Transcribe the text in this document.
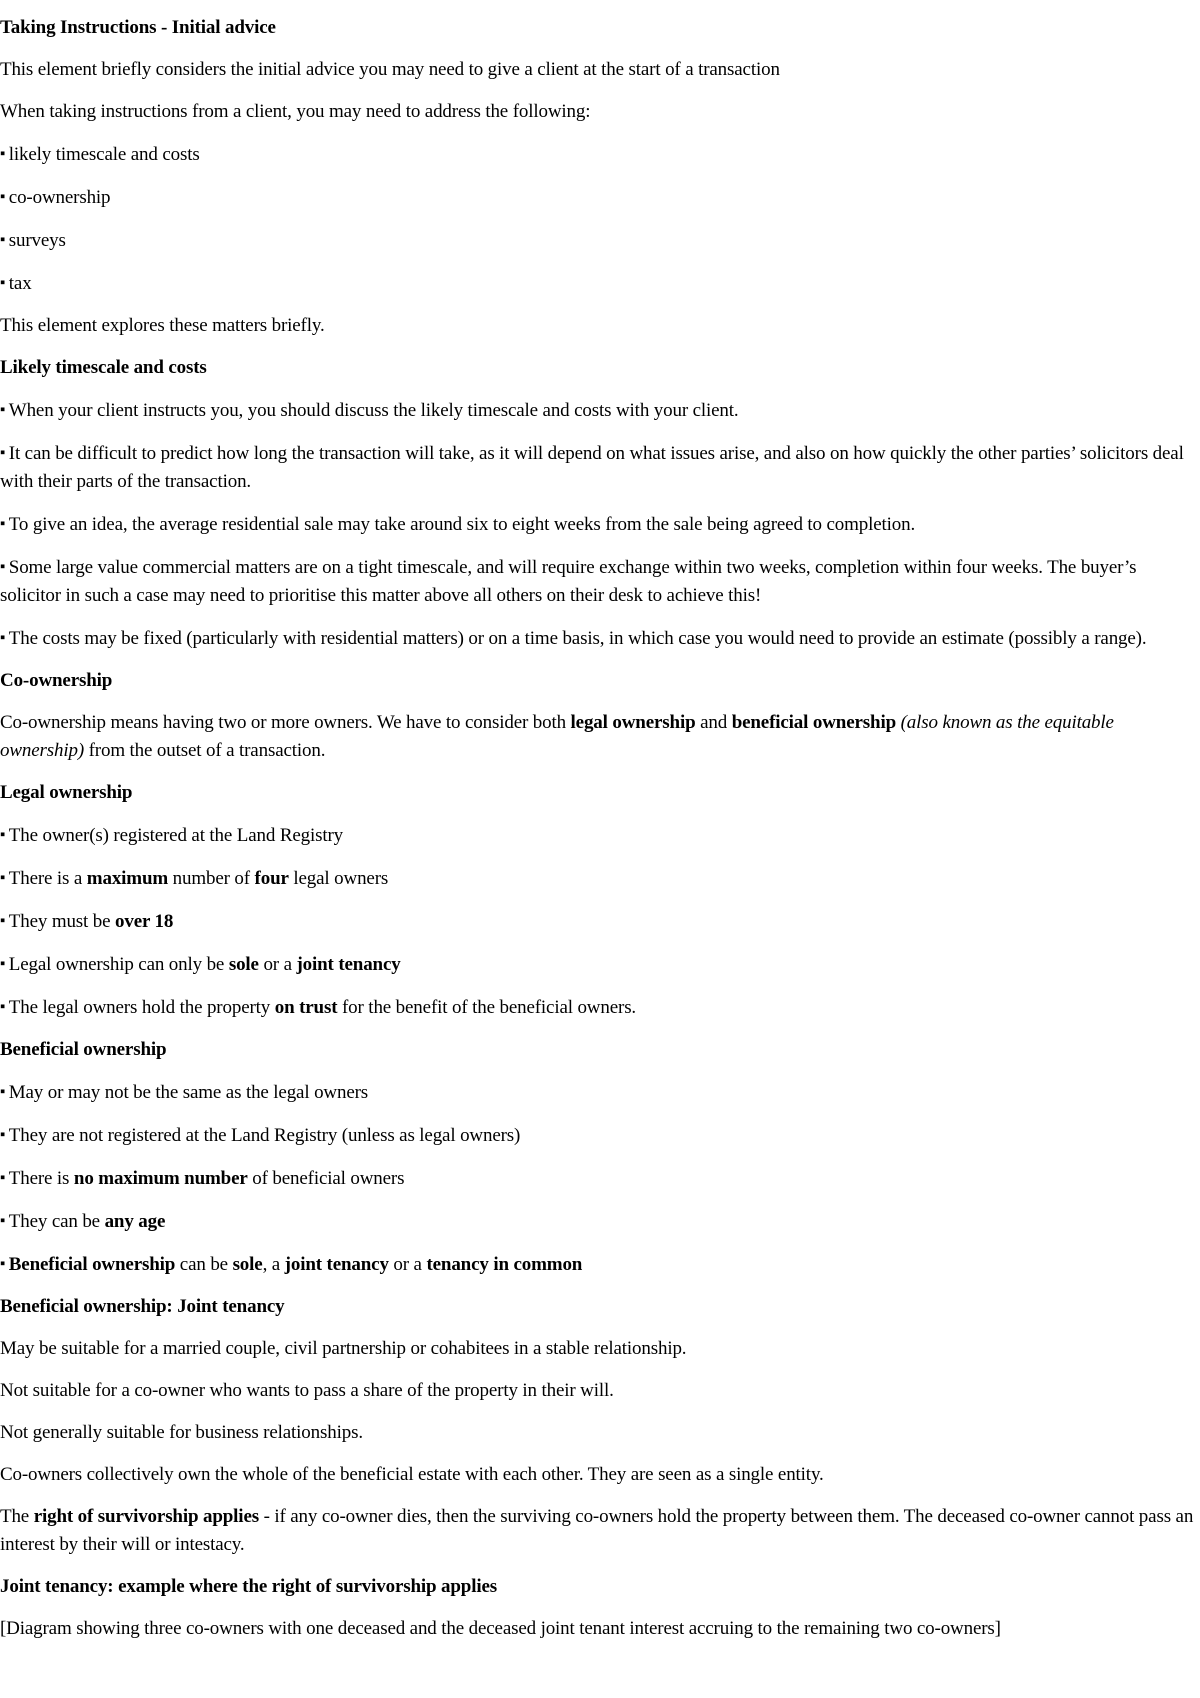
Taking Instructions - Initial advice

This element briefly considers the initial advice you may need to give a client at the start of a transaction

When taking instructions from a client, you may need to address the following:

▪ likely timescale and costs

▪ co-ownership

▪ surveys

▪ tax

This element explores these matters briefly.

Likely timescale and costs

▪ When your client instructs you, you should discuss the likely timescale and costs with your client.

▪ It can be difficult to predict how long the transaction will take, as it will depend on what issues arise, and also on how quickly the other parties’ solicitors deal with their parts of the transaction.

▪ To give an idea, the average residential sale may take around six to eight weeks from the sale being agreed to completion.

▪ Some large value commercial matters are on a tight timescale, and will require exchange within two weeks, completion within four weeks. The buyer’s solicitor in such a case may need to prioritise this matter above all others on their desk to achieve this!

▪ The costs may be fixed (particularly with residential matters) or on a time basis, in which case you would need to provide an estimate (possibly a range).

Co-ownership

Co-ownership means having two or more owners. We have to consider both legal ownership and beneficial ownership (also known as the equitable ownership) from the outset of a transaction.

Legal ownership

▪ The owner(s) registered at the Land Registry

▪ There is a maximum number of four legal owners

▪ They must be over 18

▪ Legal ownership can only be sole or a joint tenancy

▪ The legal owners hold the property on trust for the benefit of the beneficial owners.

Beneficial ownership

▪ May or may not be the same as the legal owners

▪ They are not registered at the Land Registry (unless as legal owners)

▪ There is no maximum number of beneficial owners

▪ They can be any age

▪ Beneficial ownership can be sole, a joint tenancy or a tenancy in common

Beneficial ownership: Joint tenancy

May be suitable for a married couple, civil partnership or cohabitees in a stable relationship.

Not suitable for a co-owner who wants to pass a share of the property in their will.

Not generally suitable for business relationships.

Co-owners collectively own the whole of the beneficial estate with each other. They are seen as a single entity.

The right of survivorship applies - if any co-owner dies, then the surviving co-owners hold the property between them. The deceased co-owner cannot pass an interest by their will or intestacy.

Joint tenancy: example where the right of survivorship applies

[Diagram showing three co-owners with one deceased and the deceased joint tenant interest accruing to the remaining two co-owners]
